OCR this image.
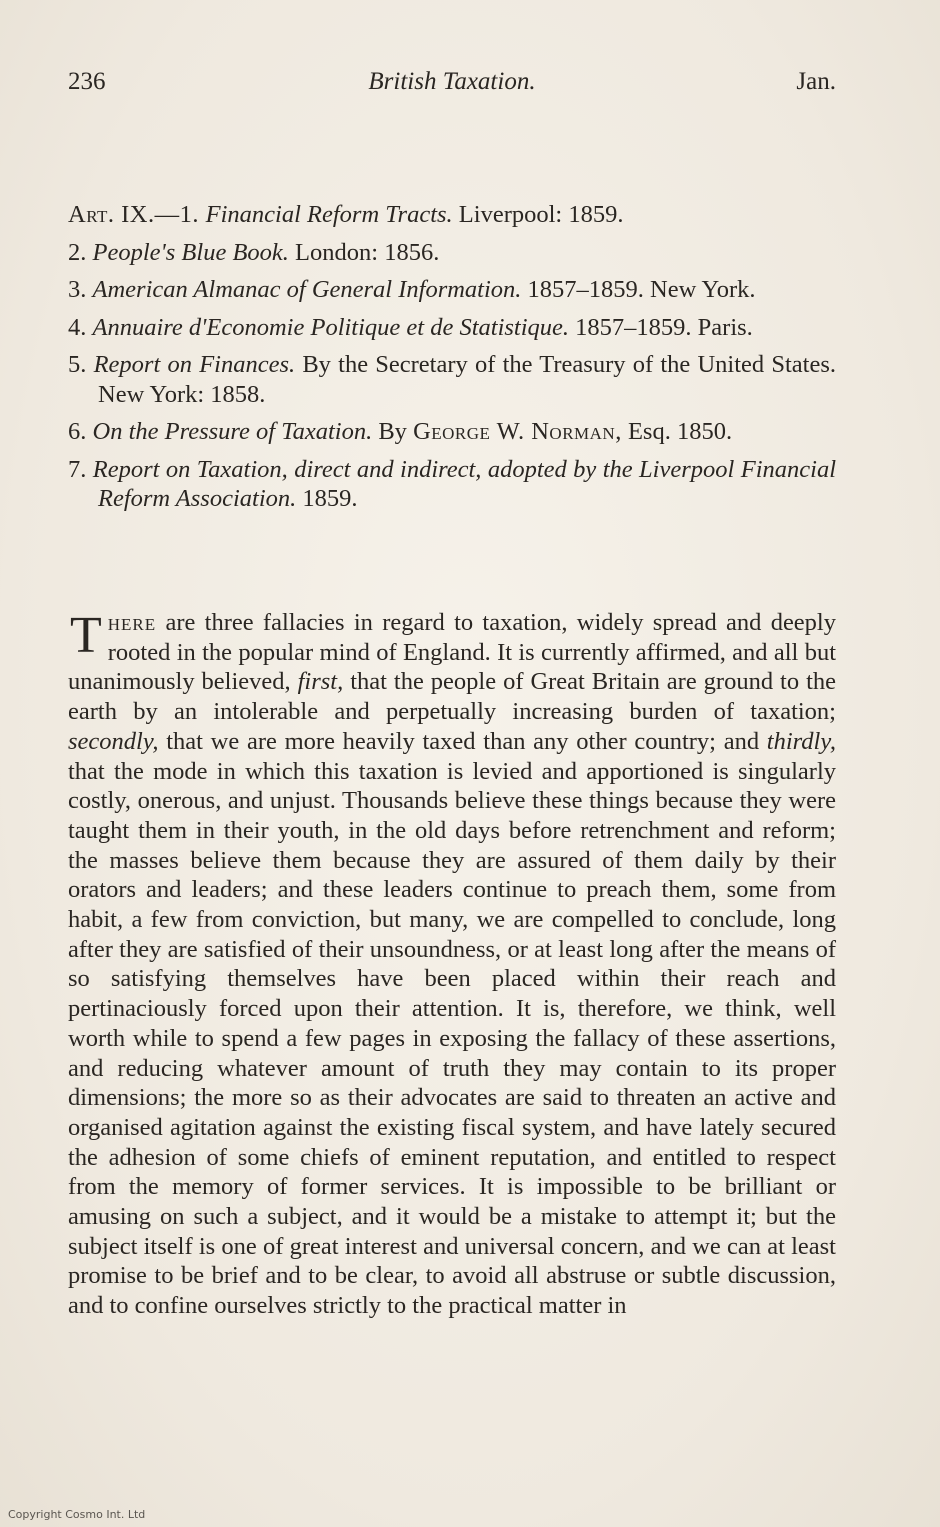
236	British Taxation.	Jan.
Art. IX.—1. Financial Reform Tracts. Liverpool: 1859.
2. People's Blue Book. London: 1856.
3. American Almanac of General Information. 1857–1859. New York.
4. Annuaire d'Economie Politique et de Statistique. 1857–1859. Paris.
5. Report on Finances. By the Secretary of the Treasury of the United States. New York: 1858.
6. On the Pressure of Taxation. By George W. Norman, Esq. 1850.
7. Report on Taxation, direct and indirect, adopted by the Liverpool Financial Reform Association. 1859.

There are three fallacies in regard to taxation, widely spread and deeply rooted in the popular mind of England. It is currently affirmed, and all but unanimously believed, first, that the people of Great Britain are ground to the earth by an intolerable and perpetually increasing burden of taxation; secondly, that we are more heavily taxed than any other country; and thirdly, that the mode in which this taxation is levied and apportioned is singularly costly, onerous, and unjust. Thousands believe these things because they were taught them in their youth, in the old days before retrenchment and reform; the masses believe them because they are assured of them daily by their orators and leaders; and these leaders continue to preach them, some from habit, a few from conviction, but many, we are compelled to conclude, long after they are satisfied of their unsoundness, or at least long after the means of so satisfying themselves have been placed within their reach and pertinaciously forced upon their attention. It is, therefore, we think, well worth while to spend a few pages in exposing the fallacy of these assertions, and reducing whatever amount of truth they may contain to its proper dimensions; the more so as their advocates are said to threaten an active and organised agitation against the existing fiscal system, and have lately secured the adhesion of some chiefs of eminent reputation, and entitled to respect from the memory of former services. It is impossible to be brilliant or amusing on such a subject, and it would be a mistake to attempt it; but the subject itself is one of great interest and universal concern, and we can at least promise to be brief and to be clear, to avoid all abstruse or subtle discussion, and to confine ourselves strictly to the practical matter in

Copyright Cosmo Int. Ltd
